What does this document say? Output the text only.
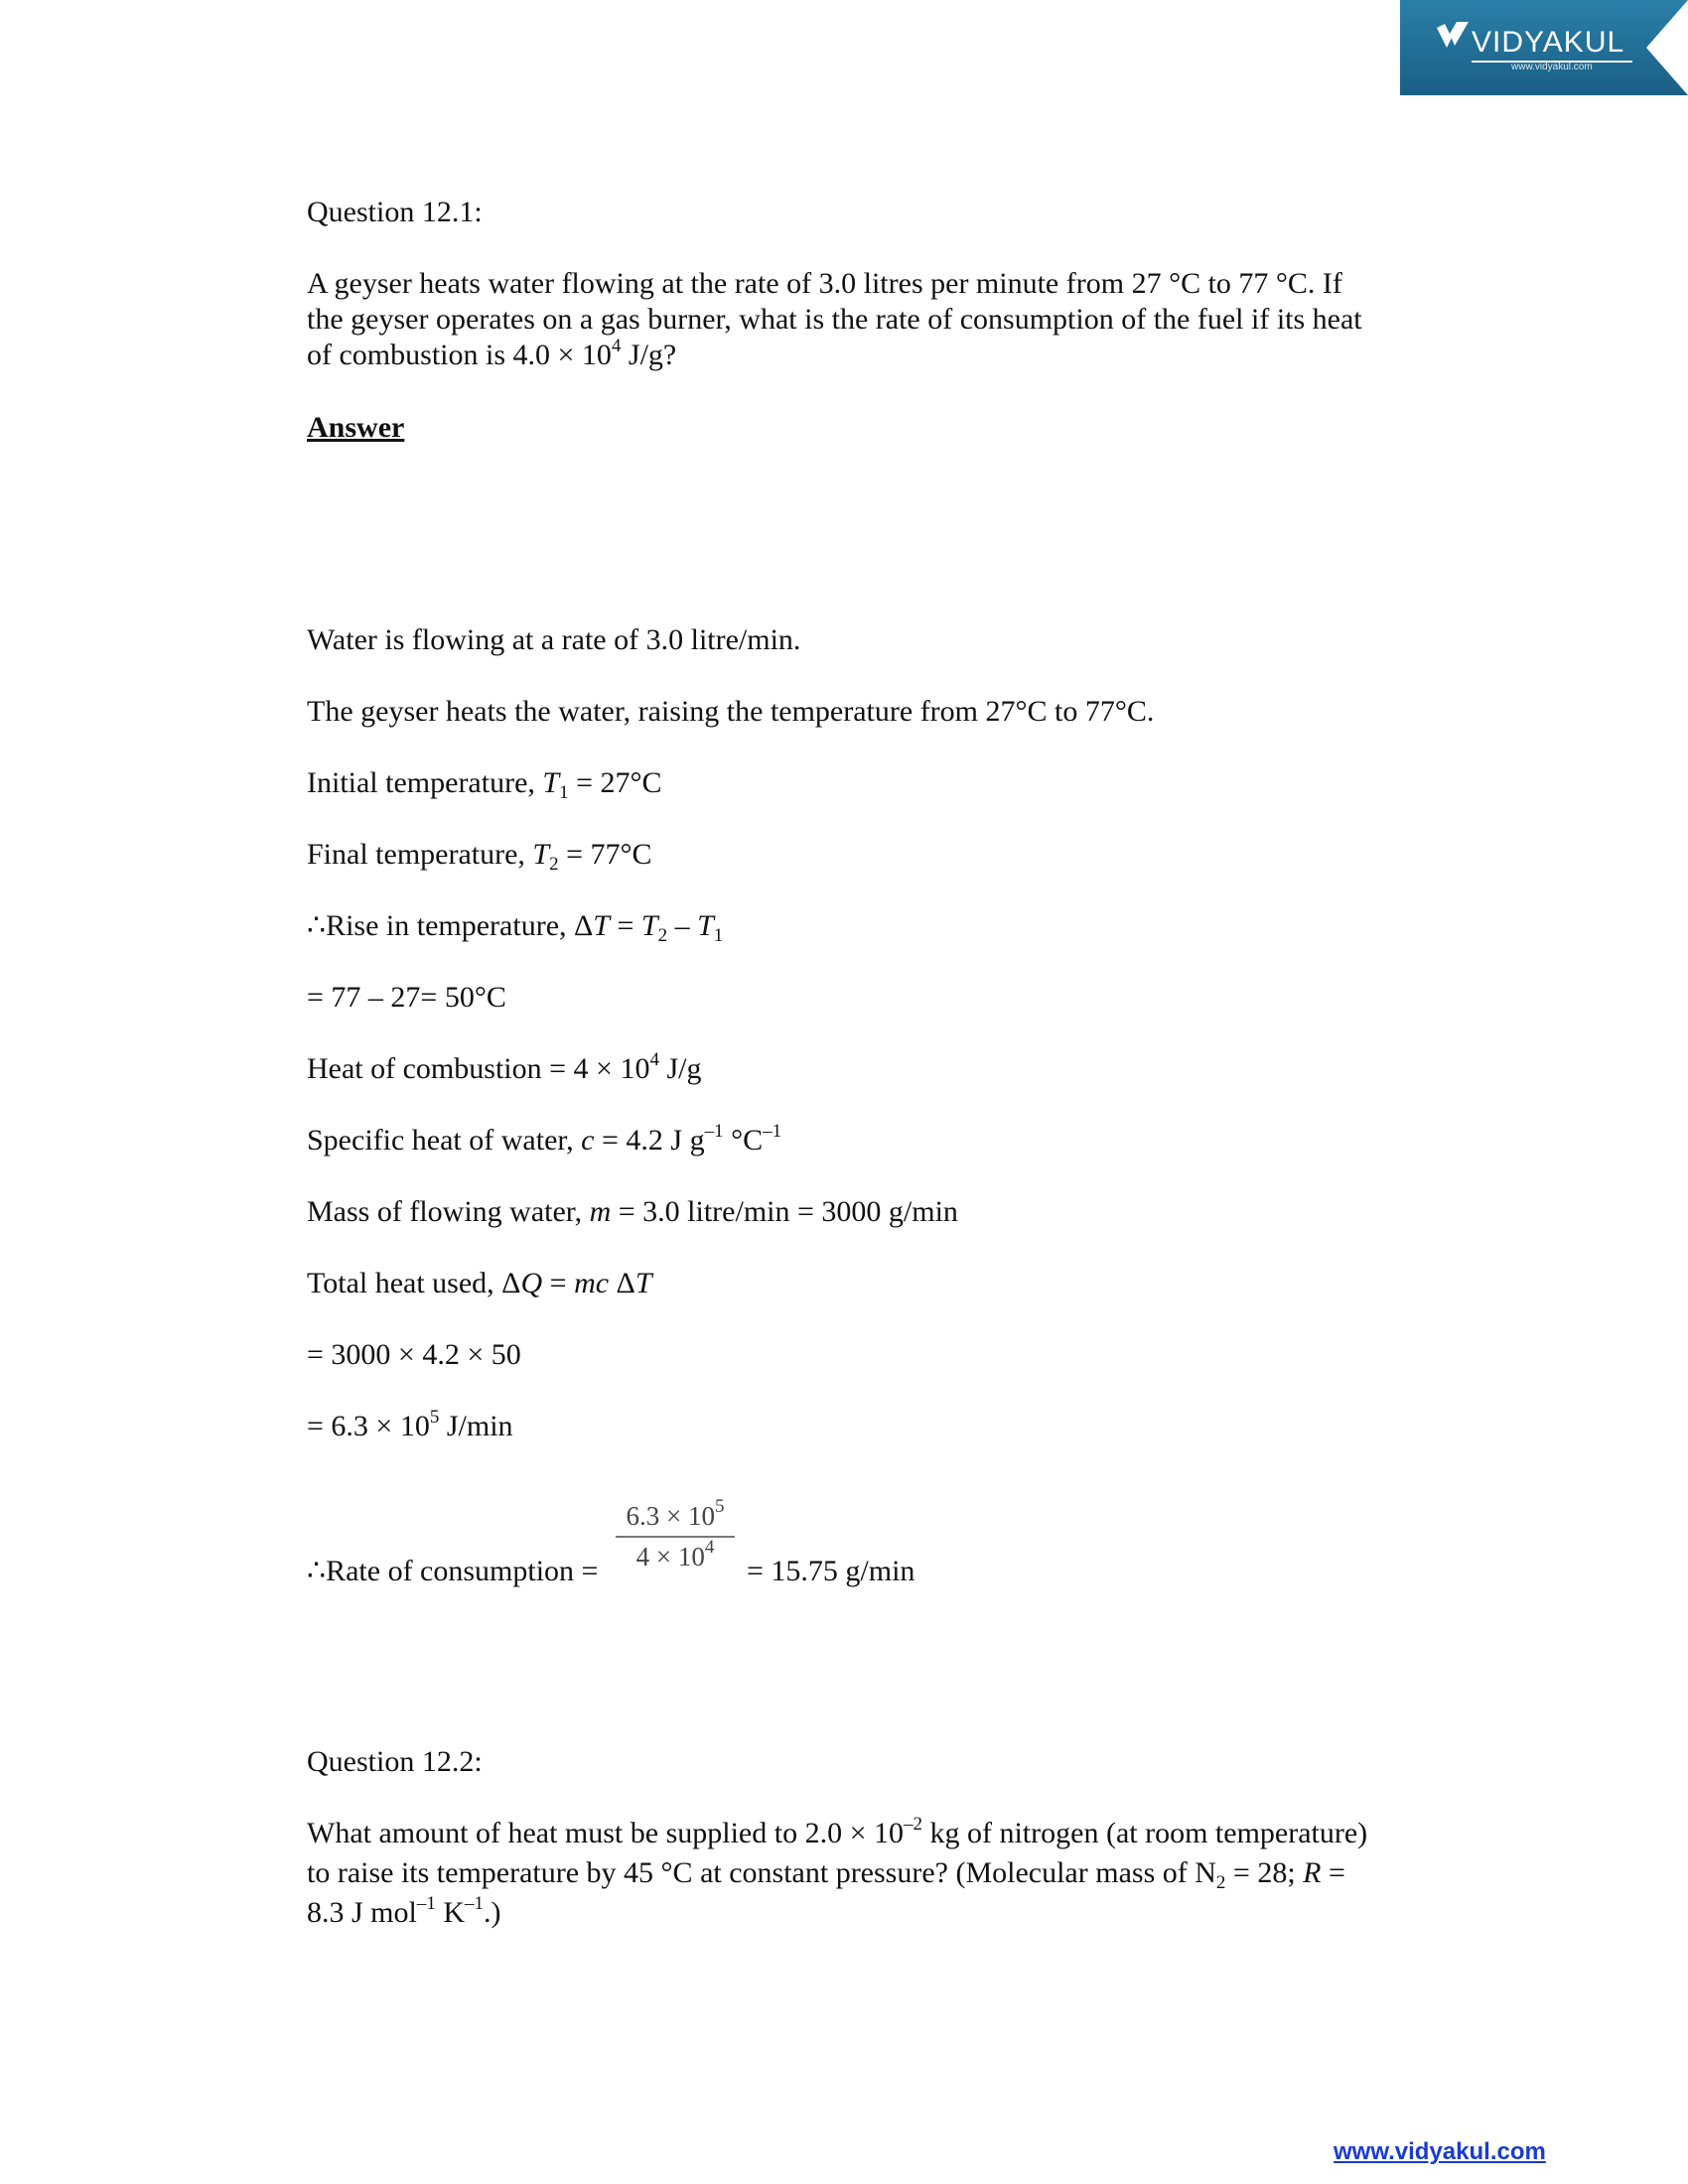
VIDYAKUL
www.vidyakul.com
Question 12.1:
A geyser heats water flowing at the rate of 3.0 litres per minute from 27 °C to 77 °C. If
the geyser operates on a gas burner, what is the rate of consumption of the fuel if its heat
of combustion is $4.0 \times 10^4$ J/g?
Answer
Water is flowing at a rate of 3.0 litre/min.
The geyser heats the water, raising the temperature from 27°C to 77°C.
Initial temperature, $T_1 = 27^\circ C$
Final temperature, $T_2 = 77^\circ C$
∴Rise in temperature, $\Delta T = T_2 - T_1$
= 77 – 27= 50°C
Heat of combustion = $4 \times 10^4$ J/g
Specific heat of water, c = 4.2 J $g^{-1}$ $^\circ C^{-1}$
Mass of flowing water, m = 3.0 litre/min = 3000 g/min
Total heat used, ΔQ = mc ΔT
= 3000 × 4.2 × 50
= $6.3 \times 10^5$ J/min
∴Rate of consumption = $\frac{6.3 \times 10^5}{4 \times 10^4} = 15.75$ g/min
Question 12.2:
What amount of heat must be supplied to $2.0 \times 10^{-2}$ kg of nitrogen (at room temperature)
to raise its temperature by 45 °C at constant pressure? (Molecular mass of $N_2 = 28$; R =
8.3 J mol$^{-1}$ $K^{-1}$.)
www.vidyakul.com
